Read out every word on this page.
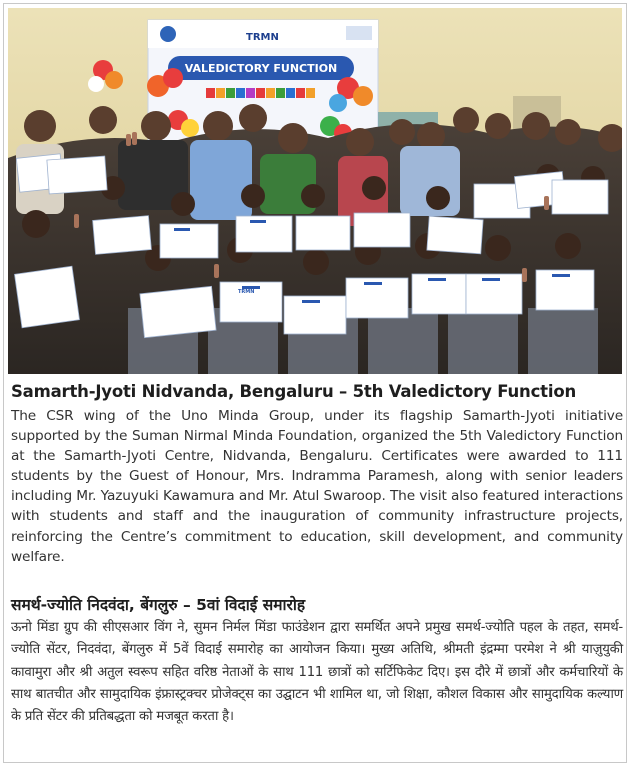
VALEDICTORY FUNCTION
TRMN
TRMN
Samarth-Jyoti Nidvanda, Bengaluru – 5th Valedictory Function
The CSR wing of the Uno Minda Group, under its flagship Samarth-Jyoti initiative supported by the Suman Nirmal Minda Foundation, organized the 5th Valedictory Function at the Samarth-Jyoti Centre, Nidvanda, Bengaluru. Certificates were awarded to 111 students by the Guest of Honour, Mrs. Indramma Paramesh, along with senior leaders including Mr. Yazuyuki Kawamura and Mr. Atul Swaroop. The visit also featured interactions with students and staff and the inauguration of community infrastructure projects, reinforcing the Centre’s commitment to education, skill development, and community welfare.
समर्थ-ज्योति निदवंदा, बेंगलुरु – 5वां विदाई समारोह
ऊनो मिंडा ग्रुप की सीएसआर विंग ने, सुमन निर्मल मिंडा फाउंडेशन द्वारा समर्थित अपने प्रमुख समर्थ-ज्योति पहल के तहत, समर्थ-ज्योति सेंटर, निदवंदा, बेंगलुरु में 5वें विदाई समारोह का आयोजन किया। मुख्य अतिथि, श्रीमती इंद्रम्मा परमेश ने श्री याज़ुयुकी कावामुरा और श्री अतुल स्वरूप सहित वरिष्ठ नेताओं के साथ 111 छात्रों को सर्टिफिकेट दिए। इस दौरे में छात्रों और कर्मचारियों के साथ बातचीत और सामुदायिक इंफ्रास्ट्रक्चर प्रोजेक्ट्स का उद्घाटन भी शामिल था, जो शिक्षा, कौशल विकास और सामुदायिक कल्याण के प्रति सेंटर की प्रतिबद्धता को मजबूत करता है।
